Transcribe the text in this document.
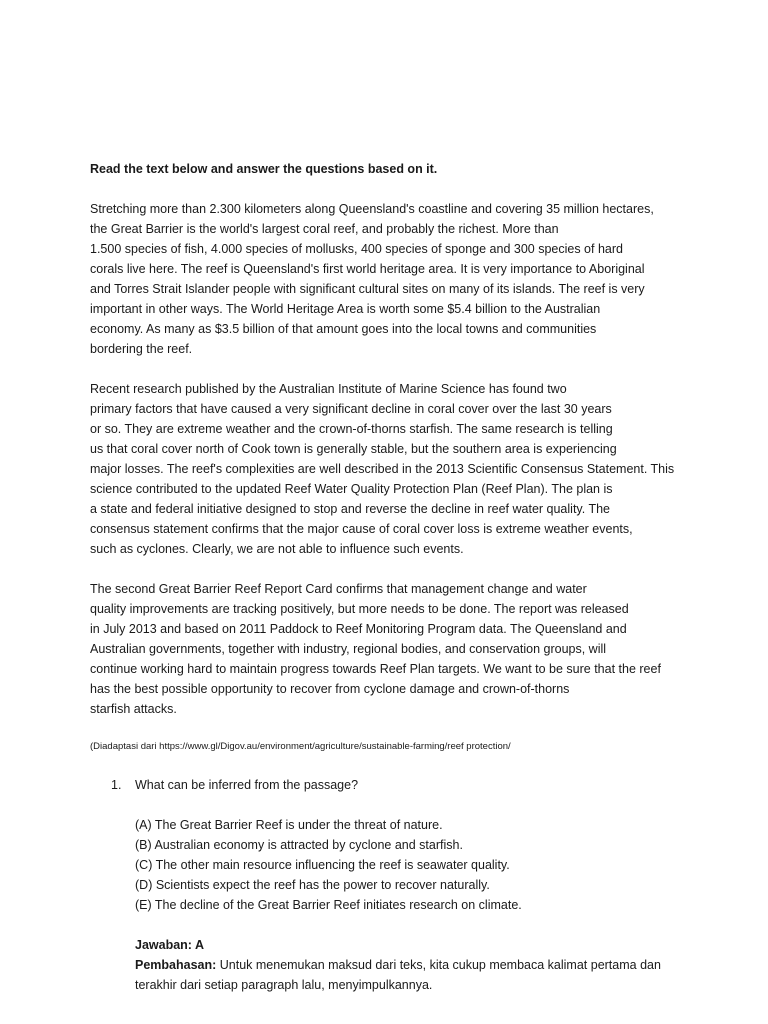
Read the text below and answer the questions based on it.

Stretching more than 2.300 kilometers along Queensland's coastline and covering 35 million hectares,
the Great Barrier is the world's largest coral reef, and probably the richest. More than
1.500 species of fish, 4.000 species of mollusks, 400 species of sponge and 300 species of hard
corals live here. The reef is Queensland's first world heritage area. It is very importance to Aboriginal
and Torres Strait Islander people with significant cultural sites on many of its islands. The reef is very
important in other ways. The World Heritage Area is worth some $5.4 billion to the Australian
economy. As many as $3.5 billion of that amount goes into the local towns and communities
bordering the reef.
Recent research published by the Australian Institute of Marine Science has found two
primary factors that have caused a very significant decline in coral cover over the last 30 years
or so. They are extreme weather and the crown-of-thorns starfish. The same research is telling
us that coral cover north of Cook town is generally stable, but the southern area is experiencing
major losses. The reef's complexities are well described in the 2013 Scientific Consensus Statement. This
science contributed to the updated Reef Water Quality Protection Plan (Reef Plan). The plan is
a state and federal initiative designed to stop and reverse the decline in reef water quality. The
consensus statement confirms that the major cause of coral cover loss is extreme weather events,
such as cyclones. Clearly, we are not able to influence such events.
The second Great Barrier Reef Report Card confirms that management change and water
quality improvements are tracking positively, but more needs to be done. The report was released
in July 2013 and based on 2011 Paddock to Reef Monitoring Program data. The Queensland and
Australian governments, together with industry, regional bodies, and conservation groups, will
continue working hard to maintain progress towards Reef Plan targets. We want to be sure that the reef
has the best possible opportunity to recover from cyclone damage and crown-of-thorns
starfish attacks.

(Diadaptasi dari https://www.gl/Digov.au/environment/agriculture/sustainable-farming/reef protection/

1. What can be inferred from the passage?
(A) The Great Barrier Reef is under the threat of nature.
(B) Australian economy is attracted by cyclone and starfish.
(C) The other main resource influencing the reef is seawater quality.
(D) Scientists expect the reef has the power to recover naturally.
(E) The decline of the Great Barrier Reef initiates research on climate.
Jawaban: A
Pembahasan: Untuk menemukan maksud dari teks, kita cukup membaca kalimat pertama dan
terakhir dari setiap paragraph lalu, menyimpulkannya.
